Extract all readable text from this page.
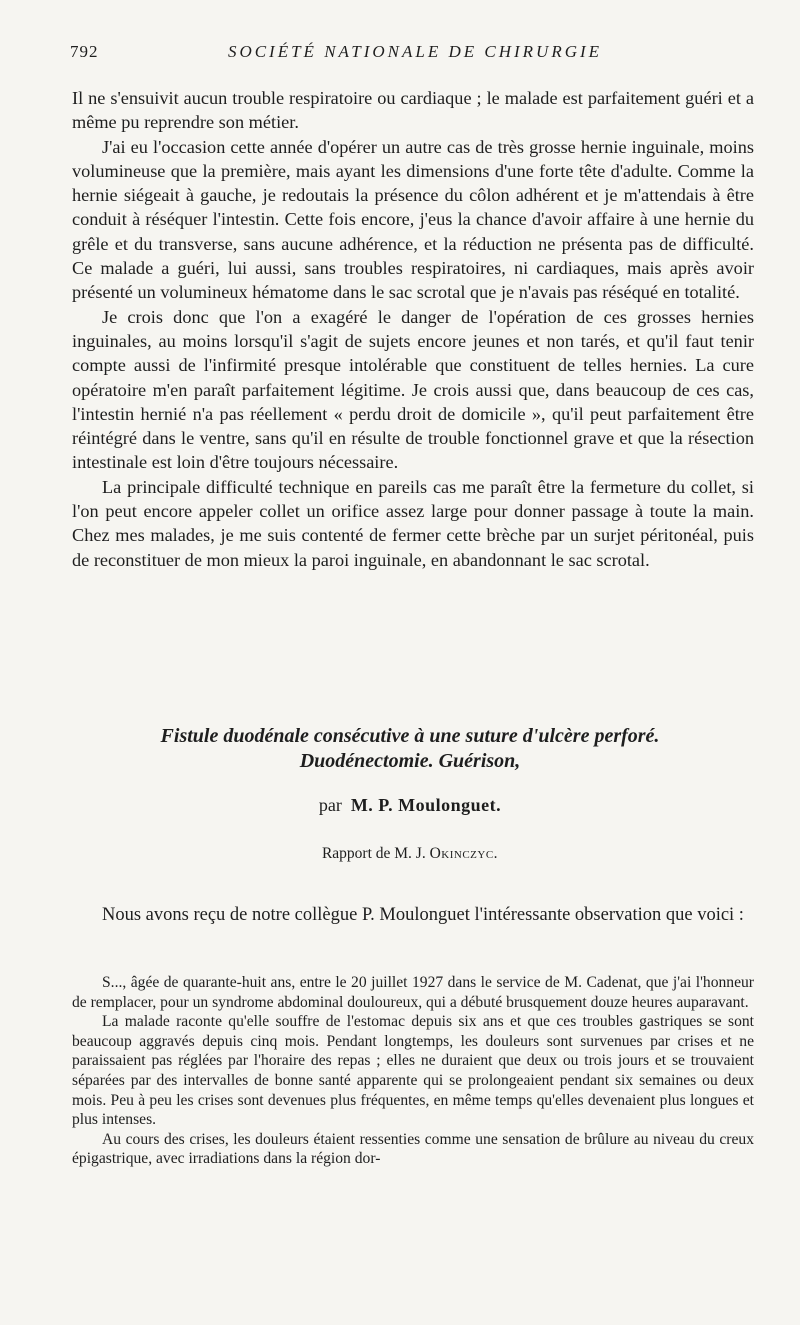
792	SOCIÉTÉ NATIONALE DE CHIRURGIE

Il ne s'ensuivit aucun trouble respiratoire ou cardiaque ; le malade est parfaitement guéri et a même pu reprendre son métier.

J'ai eu l'occasion cette année d'opérer un autre cas de très grosse hernie inguinale, moins volumineuse que la première, mais ayant les dimensions d'une forte tête d'adulte. Comme la hernie siégeait à gauche, je redoutais la présence du côlon adhérent et je m'attendais à être conduit à réséquer l'intestin. Cette fois encore, j'eus la chance d'avoir affaire à une hernie du grêle et du transverse, sans aucune adhérence, et la réduction ne présenta pas de difficulté. Ce malade a guéri, lui aussi, sans troubles respiratoires, ni cardiaques, mais après avoir présenté un volumineux hématome dans le sac scrotal que je n'avais pas réséqué en totalité.

Je crois donc que l'on a exagéré le danger de l'opération de ces grosses hernies inguinales, au moins lorsqu'il s'agit de sujets encore jeunes et non tarés, et qu'il faut tenir compte aussi de l'infirmité presque intolérable que constituent de telles hernies. La cure opératoire m'en paraît parfaitement légitime. Je crois aussi que, dans beaucoup de ces cas, l'intestin hernié n'a pas réellement « perdu droit de domicile », qu'il peut parfaitement être réintégré dans le ventre, sans qu'il en résulte de trouble fonctionnel grave et que la résection intestinale est loin d'être toujours nécessaire.

La principale difficulté technique en pareils cas me paraît être la fermeture du collet, si l'on peut encore appeler collet un orifice assez large pour donner passage à toute la main. Chez mes malades, je me suis contenté de fermer cette brèche par un surjet péritonéal, puis de reconstituer de mon mieux la paroi inguinale, en abandonnant le sac scrotal.

Fistule duodénale consécutive à une suture d'ulcère perforé.
Duodénectomie. Guérison,
par M. P. Moulonguet.
Rapport de M. J. Okinczyc.
Nous avons reçu de notre collègue P. Moulonguet l'intéressante observation que voici :

S..., âgée de quarante-huit ans, entre le 20 juillet 1927 dans le service de M. Cadenat, que j'ai l'honneur de remplacer, pour un syndrome abdominal douloureux, qui a débuté brusquement douze heures auparavant.

La malade raconte qu'elle souffre de l'estomac depuis six ans et que ces troubles gastriques se sont beaucoup aggravés depuis cinq mois. Pendant longtemps, les douleurs sont survenues par crises et ne paraissaient pas réglées par l'horaire des repas ; elles ne duraient que deux ou trois jours et se trouvaient séparées par des intervalles de bonne santé apparente qui se prolongeaient pendant six semaines ou deux mois. Peu à peu les crises sont devenues plus fréquentes, en même temps qu'elles devenaient plus longues et plus intenses.

Au cours des crises, les douleurs étaient ressenties comme une sensation de brûlure au niveau du creux épigastrique, avec irradiations dans la région dor-
